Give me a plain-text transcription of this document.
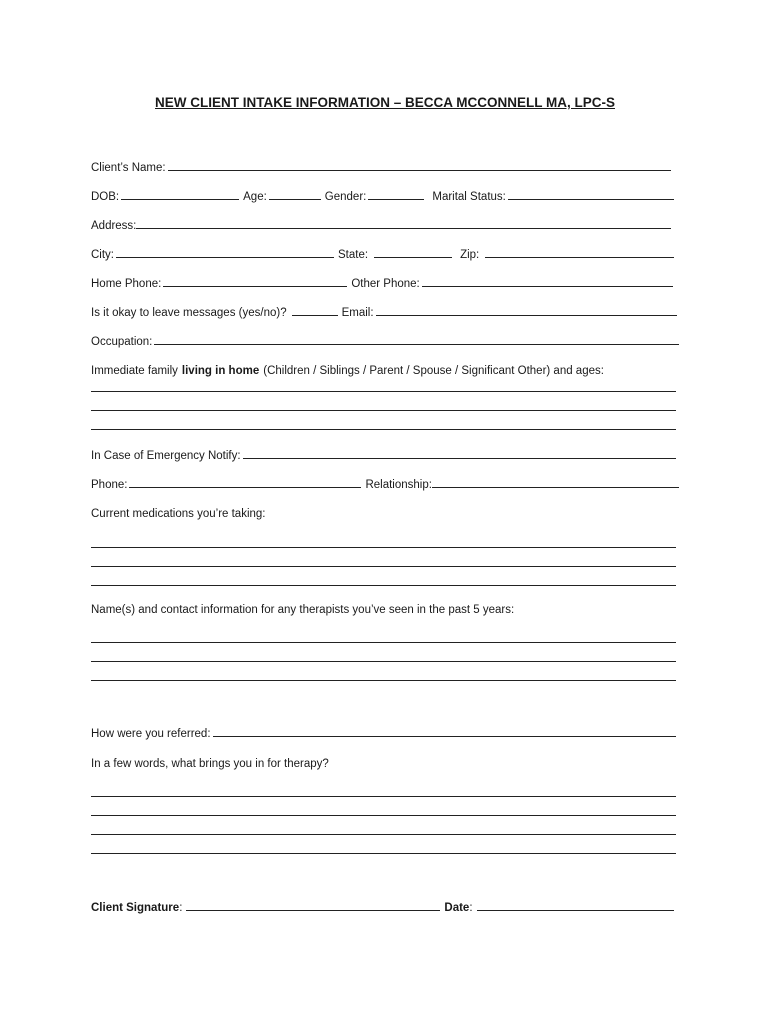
NEW CLIENT INTAKE INFORMATION – BECCA MCCONNELL MA, LPC-S
Client’s Name:
DOB:	Age:	Gender:	Marital Status:
Address:
City:	State:	Zip:
Home Phone:	Other Phone:
Is it okay to leave messages (yes/no)?	Email:
Occupation:
Immediate family living in home (Children / Siblings / Parent / Spouse / Significant Other) and ages:
In Case of Emergency Notify:
Phone:	Relationship:
Current medications you’re taking:
Name(s) and contact information for any therapists you’ve seen in the past 5 years:
How were you referred:
In a few words, what brings you in for therapy?
Client Signature :	Date :
